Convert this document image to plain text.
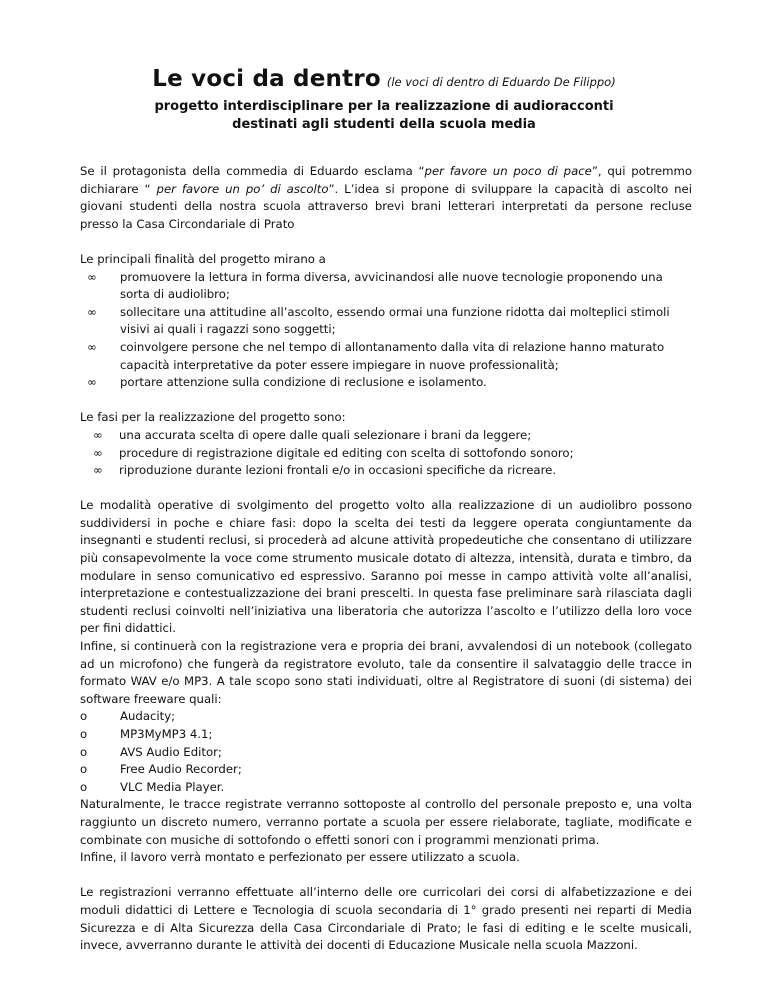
Le voci da dentro (le voci di dentro di Eduardo De Filippo)
progetto interdisciplinare per la realizzazione di audioracconti
destinati agli studenti della scuola media

Se il protagonista della commedia di Eduardo esclama “per favore un poco di pace”, qui potremmo dichiarare “ per favore un po’ di ascolto”. L’idea si propone di sviluppare la capacità di ascolto nei giovani studenti della nostra scuola attraverso brevi brani letterari interpretati da persone recluse presso la Casa Circondariale di Prato

Le principali finalità del progetto mirano a

∞ promuovere la lettura in forma diversa, avvicinandosi alle nuove tecnologie proponendo una sorta di audiolibro;
∞ sollecitare una attitudine all’ascolto, essendo ormai una funzione ridotta dai molteplici stimoli visivi ai quali i ragazzi sono soggetti;
∞ coinvolgere persone che nel tempo di allontanamento dalla vita di relazione hanno maturato capacità interpretative da poter essere impiegare in nuove professionalità;
∞ portare attenzione sulla condizione di reclusione e isolamento.

Le fasi per la realizzazione del progetto sono:

∞ una accurata scelta di opere dalle quali selezionare i brani da leggere;
∞ procedure di registrazione digitale ed editing con scelta di sottofondo sonoro;
∞ riproduzione durante lezioni frontali e/o in occasioni specifiche da ricreare.

Le modalità operative di svolgimento del progetto volto alla realizzazione di un audiolibro possono suddividersi in poche e chiare fasi: dopo la scelta dei testi da leggere operata congiuntamente da insegnanti e studenti reclusi, si procederà ad alcune attività propedeutiche che consentano di utilizzare più consapevolmente la voce come strumento musicale dotato di altezza, intensità, durata e timbro, da modulare in senso comunicativo ed espressivo. Saranno poi messe in campo attività volte all’analisi, interpretazione e contestualizzazione dei brani prescelti. In questa fase preliminare sarà rilasciata dagli studenti reclusi coinvolti nell’iniziativa una liberatoria che autorizza l’ascolto e l’utilizzo della loro voce per fini didattici.

Infine, si continuerà con la registrazione vera e propria dei brani, avvalendosi di un notebook (collegato ad un microfono) che fungerà da registratore evoluto, tale da consentire il salvataggio delle tracce in formato WAV e/o MP3. A tale scopo sono stati individuati, oltre al Registratore di suoni (di sistema) dei software freeware quali:

o	Audacity;
o	MP3MyMP3 4.1;
o	AVS Audio Editor;
o	Free Audio Recorder;
o	VLC Media Player.

Naturalmente, le tracce registrate verranno sottoposte al controllo del personale preposto e, una volta raggiunto un discreto numero, verranno portate a scuola per essere rielaborate, tagliate, modificate e combinate con musiche di sottofondo o effetti sonori con i programmi menzionati prima.

Infine, il lavoro verrà montato e perfezionato per essere utilizzato a scuola.

Le registrazioni verranno effettuate all’interno delle ore curricolari dei corsi di alfabetizzazione e dei moduli didattici di Lettere e Tecnologia di scuola secondaria di 1° grado presenti nei reparti di Media Sicurezza e di Alta Sicurezza della Casa Circondariale di Prato; le fasi di editing e le scelte musicali, invece, avverranno durante le attività dei docenti di Educazione Musicale nella scuola Mazzoni.
